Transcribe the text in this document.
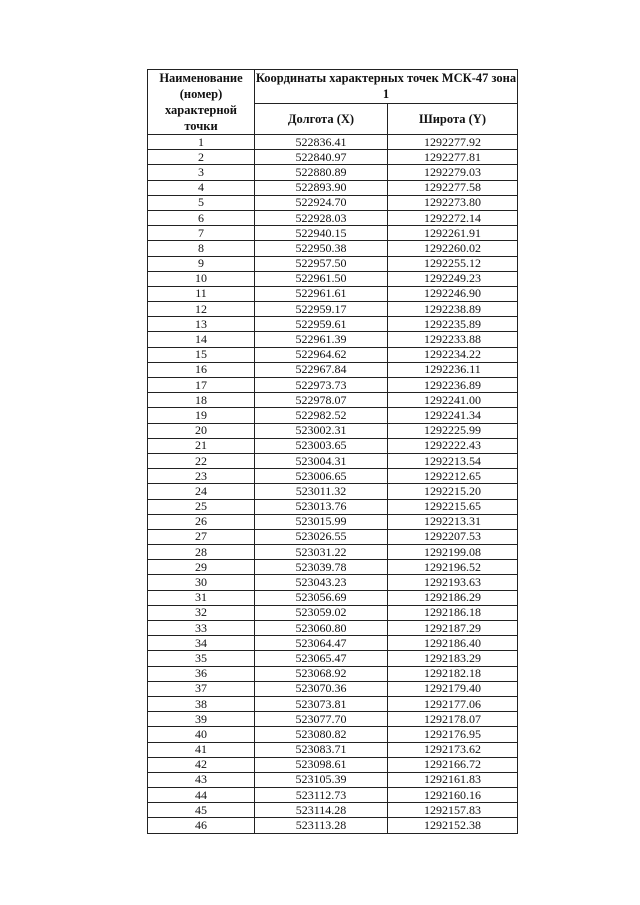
Наименование (номер) характерной точки	Координаты характерных точек МСК-47 зона 1	
	Долгота (X)	Широта (Y)
1	522836.41	1292277.92
2	522840.97	1292277.81
3	522880.89	1292279.03
4	522893.90	1292277.58
5	522924.70	1292273.80
6	522928.03	1292272.14
7	522940.15	1292261.91
8	522950.38	1292260.02
9	522957.50	1292255.12
10	522961.50	1292249.23
11	522961.61	1292246.90
12	522959.17	1292238.89
13	522959.61	1292235.89
14	522961.39	1292233.88
15	522964.62	1292234.22
16	522967.84	1292236.11
17	522973.73	1292236.89
18	522978.07	1292241.00
19	522982.52	1292241.34
20	523002.31	1292225.99
21	523003.65	1292222.43
22	523004.31	1292213.54
23	523006.65	1292212.65
24	523011.32	1292215.20
25	523013.76	1292215.65
26	523015.99	1292213.31
27	523026.55	1292207.53
28	523031.22	1292199.08
29	523039.78	1292196.52
30	523043.23	1292193.63
31	523056.69	1292186.29
32	523059.02	1292186.18
33	523060.80	1292187.29
34	523064.47	1292186.40
35	523065.47	1292183.29
36	523068.92	1292182.18
37	523070.36	1292179.40
38	523073.81	1292177.06
39	523077.70	1292178.07
40	523080.82	1292176.95
41	523083.71	1292173.62
42	523098.61	1292166.72
43	523105.39	1292161.83
44	523112.73	1292160.16
45	523114.28	1292157.83
46	523113.28	1292152.38
